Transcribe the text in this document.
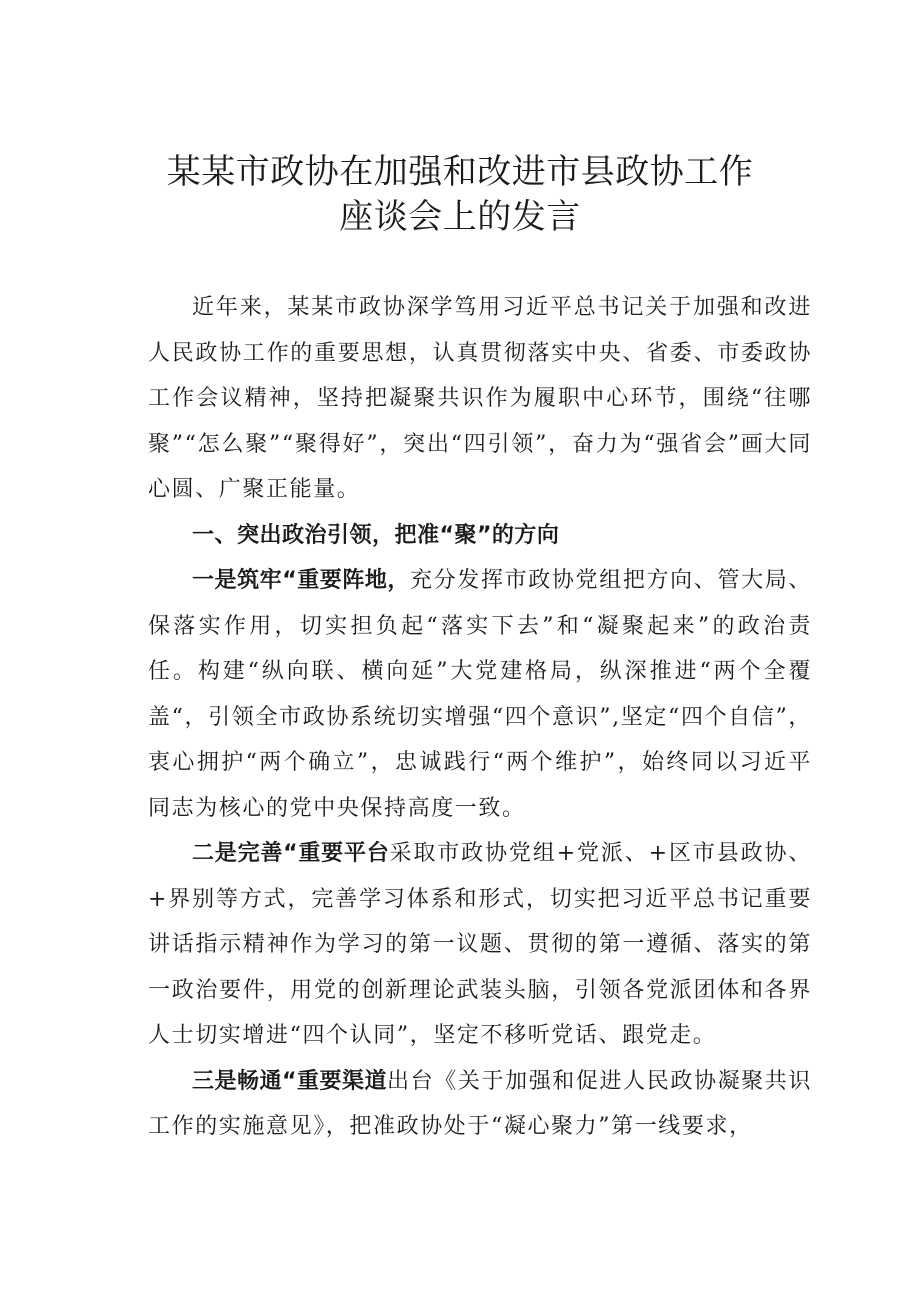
某某市政协在加强和改进市县政协工作
座谈会上的发言

近年来，某某市政协深学笃用习近平总书记关于加强和改进人民政协工作的重要思想，认真贯彻落实中央、省委、市委政协工作会议精神，坚持把凝聚共识作为履职中心环节，围绕“往哪聚”“怎么聚”“聚得好”，突出“四引领”，奋力为“强省会”画大同心圆、广聚正能量。

一、突出政治引领，把准“聚”的方向

一是筑牢“重要阵地，充分发挥市政协党组把方向、管大局、保落实作用，切实担负起“落实下去”和“凝聚起来”的政治责任。构建“纵向联、横向延”大党建格局，纵深推进“两个全覆盖“，引领全市政协系统切实增强“四个意识”,坚定“四个自信”，衷心拥护“两个确立”，忠诚践行“两个维护”，始终同以习近平同志为核心的党中央保持高度一致。

二是完善“重要平台采取市政协党组+党派、+区市县政协、+界别等方式，完善学习体系和形式，切实把习近平总书记重要讲话指示精神作为学习的第一议题、贯彻的第一遵循、落实的第一政治要件，用党的创新理论武装头脑，引领各党派团体和各界人士切实增进“四个认同”，坚定不移听党话、跟党走。

三是畅通“重要渠道出台《关于加强和促进人民政协凝聚共识工作的实施意见》，把准政协处于“凝心聚力”第一线要求，
